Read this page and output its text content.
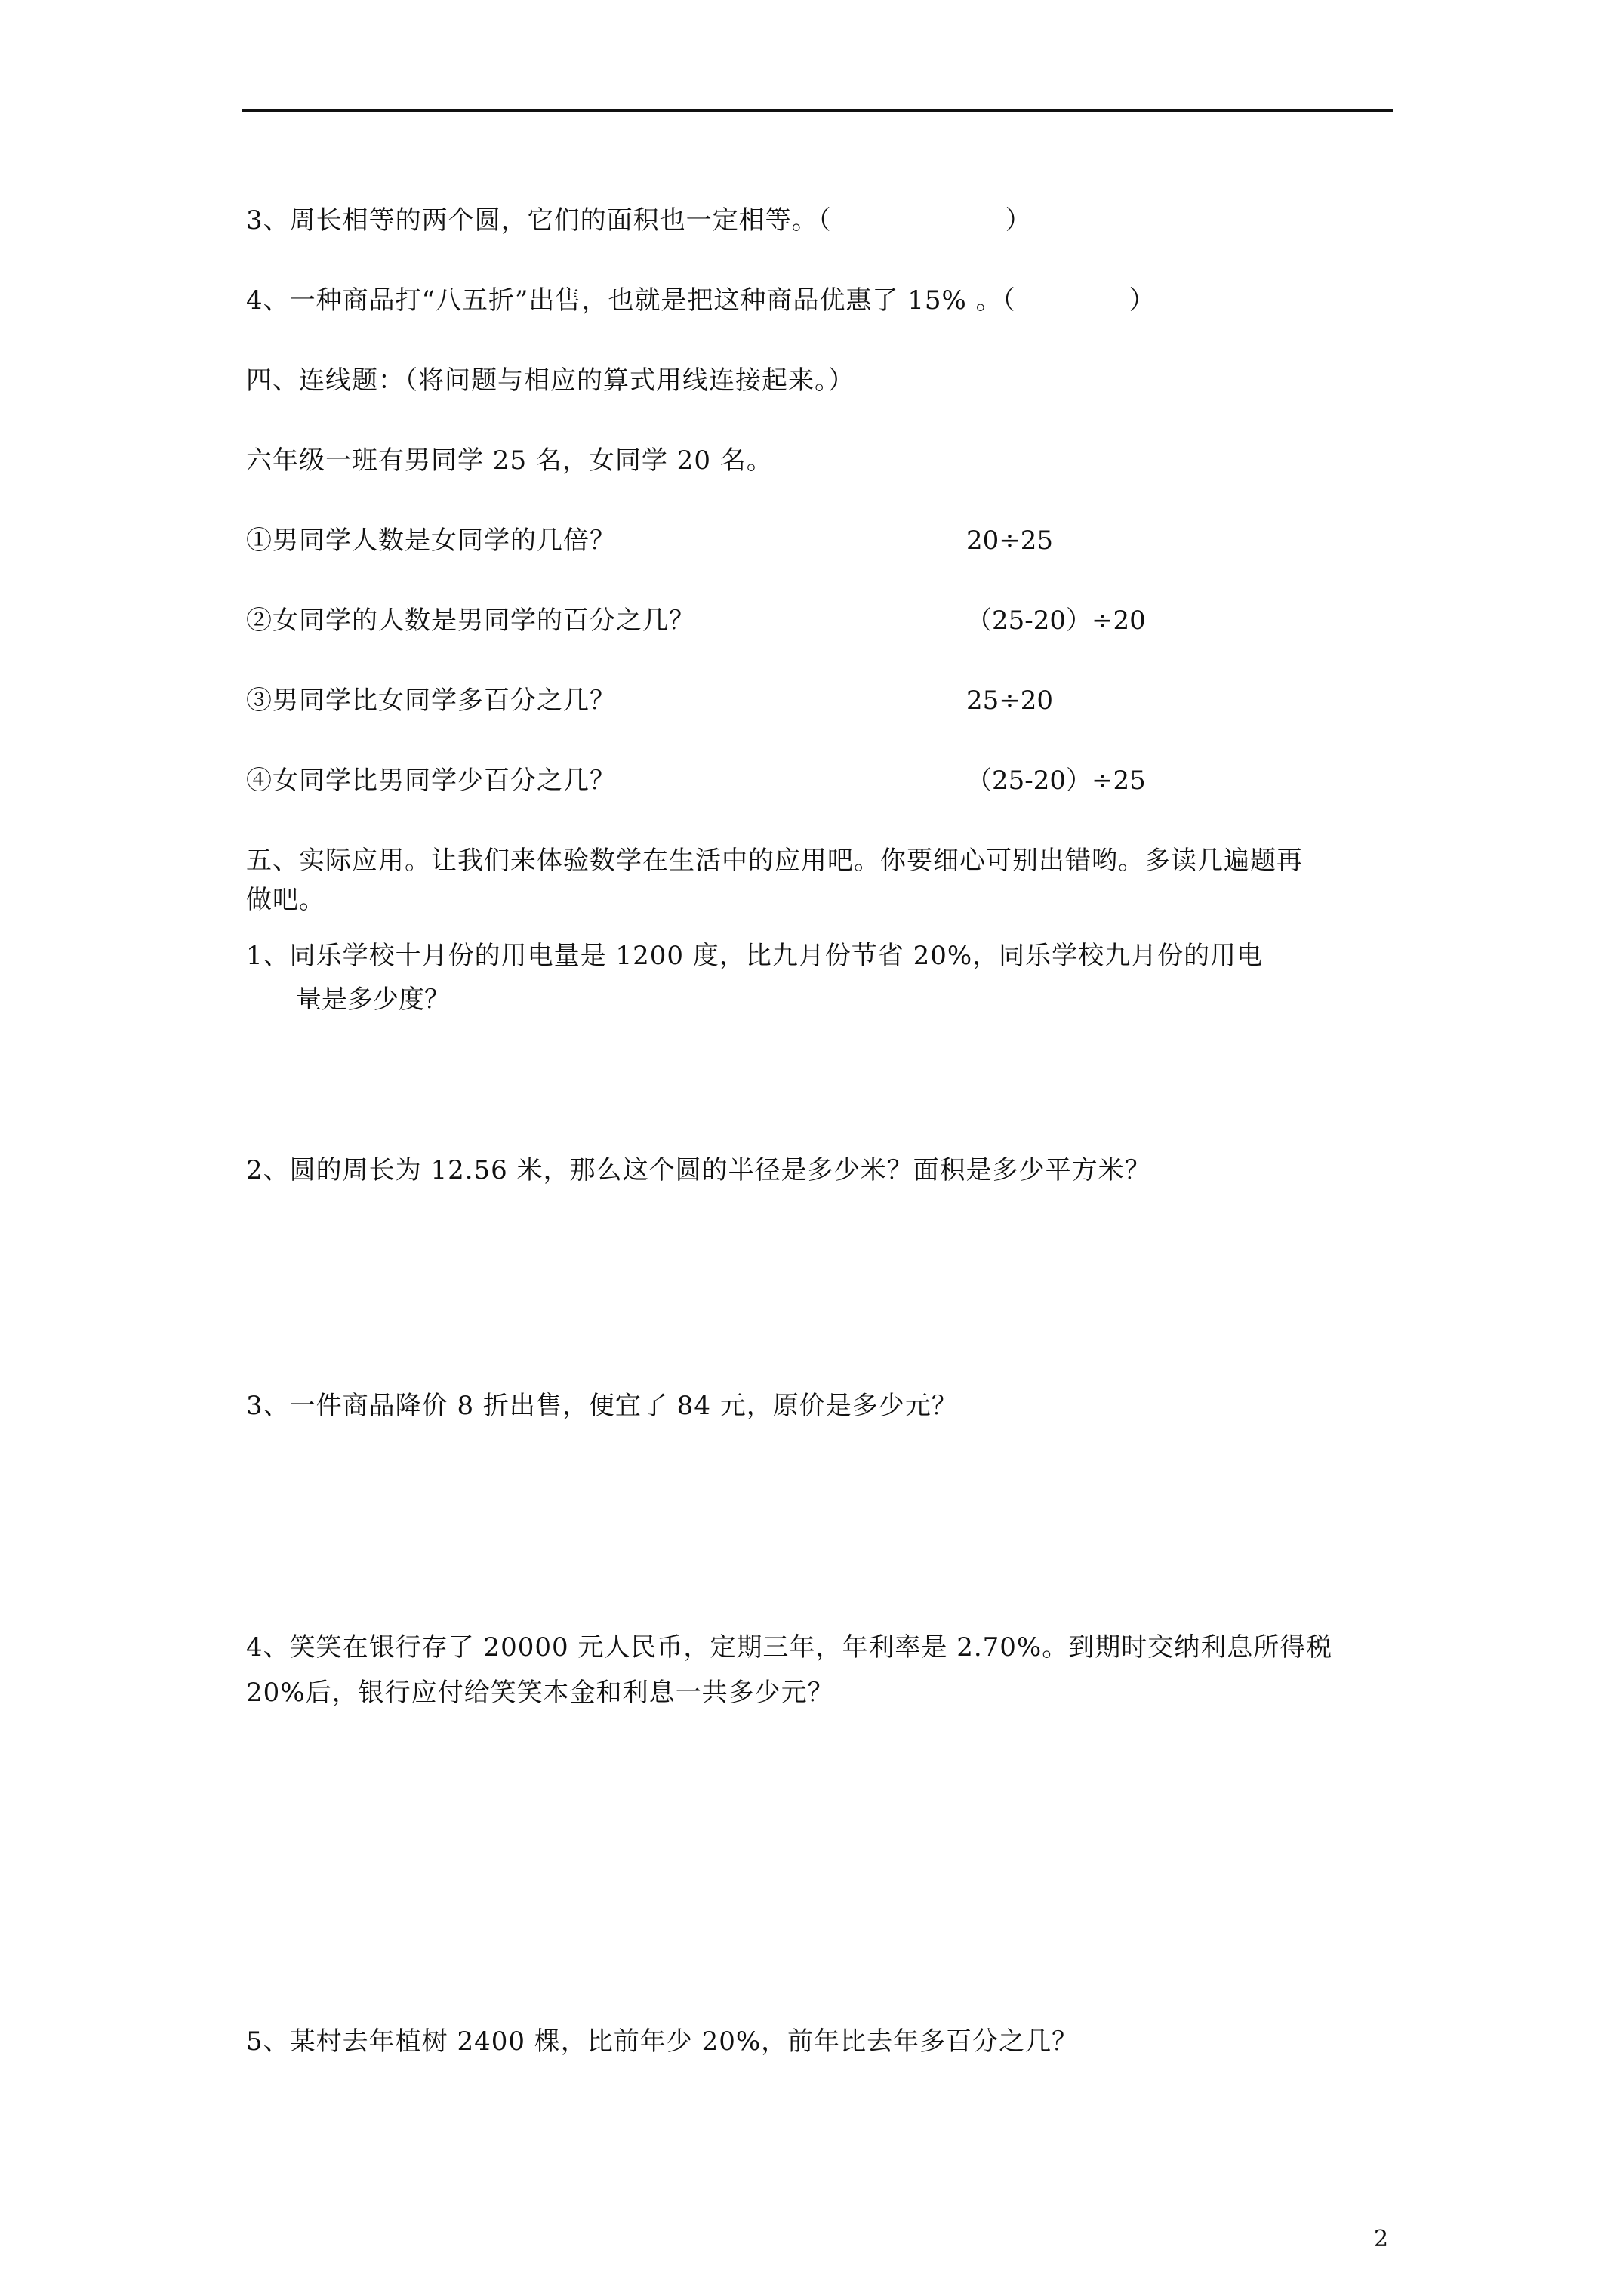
3、周长相等的两个圆，它们的面积也一定相等。（	）
4、一种商品打“八五折”出售，也就是把这种商品优惠了 15% 。（	）
四、连线题：（将问题与相应的算式用线连接起来。）
六年级一班有男同学 25 名，女同学 20 名。
①男同学人数是女同学的几倍？	20÷25
②女同学的人数是男同学的百分之几？	（25-20）÷20
③男同学比女同学多百分之几？	25÷20
④女同学比男同学少百分之几？	（25-20）÷25
五、实际应用。让我们来体验数学在生活中的应用吧。你要细心可别出错哟。多读几遍题再
做吧。
1、同乐学校十月份的用电量是 1200 度，比九月份节省 20%，同乐学校九月份的用电
量是多少度？
2、圆的周长为 12.56 米，那么这个圆的半径是多少米？面积是多少平方米？
3、一件商品降价 8 折出售，便宜了 84 元，原价是多少元？
4、笑笑在银行存了 20000 元人民币，定期三年，年利率是 2.70%。到期时交纳利息所得税
20%后，银行应付给笑笑本金和利息一共多少元？
5、某村去年植树 2400 棵，比前年少 20%，前年比去年多百分之几？
2
